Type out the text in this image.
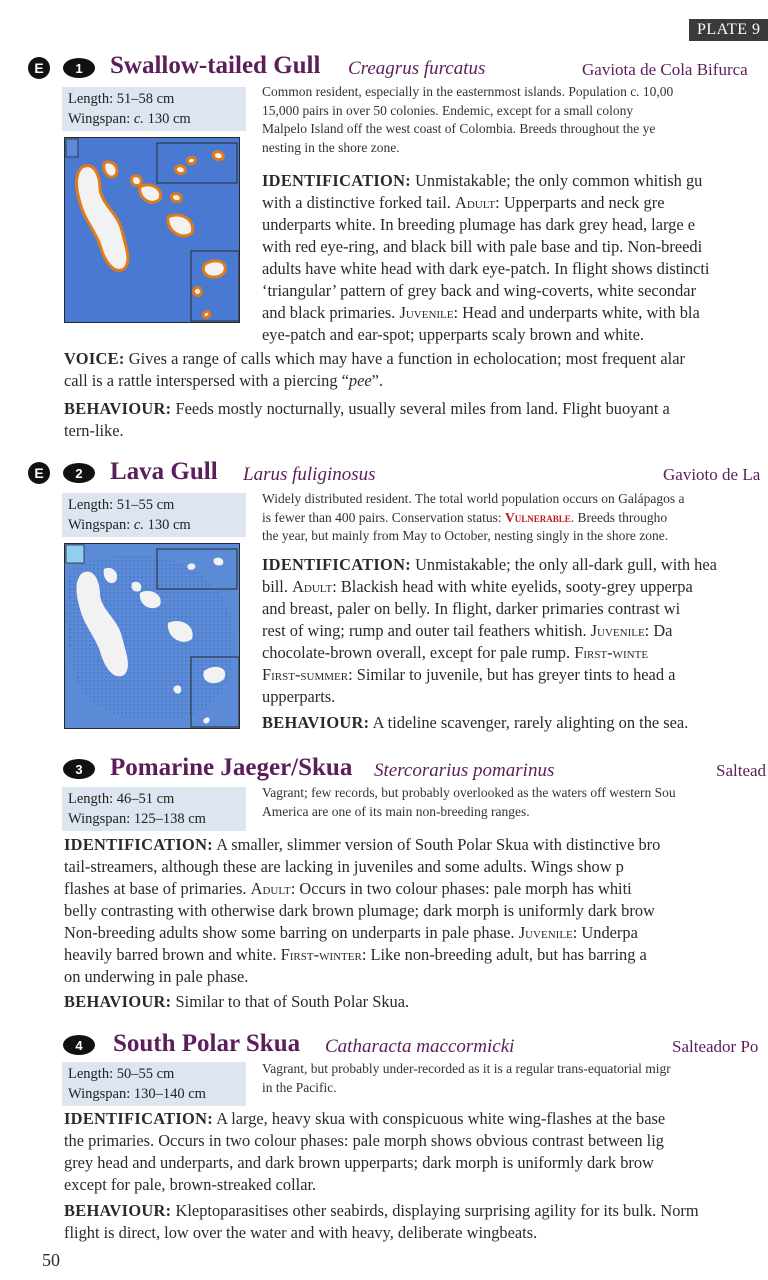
PLATE 9
E	1	Swallow-tailed Gull Creagrus furcatus	Gaviota de Cola Bifurca
Length: 51–58 cm
Wingspan: c. 130 cm
Common resident, especially in the easternmost islands. Population c. 10,00
15,000 pairs in over 50 colonies. Endemic, except for a small colony
Malpelo Island off the west coast of Colombia. Breeds throughout the ye
nesting in the shore zone.
IDENTIFICATION: Unmistakable; the only common whitish gu
with a distinctive forked tail. Adult: Upperparts and neck gre
underparts white. In breeding plumage has dark grey head, large e
with red eye-ring, and black bill with pale base and tip. Non-breedi
adults have white head with dark eye-patch. In flight shows distincti
‘triangular’ pattern of grey back and wing-coverts, white secondar
and black primaries. Juvenile: Head and underparts white, with bla
eye-patch and ear-spot; upperparts scaly brown and white.
VOICE: Gives a range of calls which may have a function in echolocation; most frequent alar
call is a rattle interspersed with a piercing “pee”.
BEHAVIOUR: Feeds mostly nocturnally, usually several miles from land. Flight buoyant a
tern-like.
E	2	Lava Gull Larus fuliginosus	Gavioto de La
Length: 51–55 cm
Wingspan: c. 130 cm
Widely distributed resident. The total world population occurs on Galápagos a
is fewer than 400 pairs. Conservation status: Vulnerable. Breeds througho
the year, but mainly from May to October, nesting singly in the shore zone.
IDENTIFICATION: Unmistakable; the only all-dark gull, with hea
bill. Adult: Blackish head with white eyelids, sooty-grey upperpa
and breast, paler on belly. In flight, darker primaries contrast wi
rest of wing; rump and outer tail feathers whitish. Juvenile: Da
chocolate-brown overall, except for pale rump. First-winte
First-summer: Similar to juvenile, but has greyer tints to head a
upperparts.
BEHAVIOUR: A tideline scavenger, rarely alighting on the sea.
3	Pomarine Jaeger/Skua Stercorarius pomarinus	Saltead
Length: 46–51 cm
Wingspan: 125–138 cm
Vagrant; few records, but probably overlooked as the waters off western Sou
America are one of its main non-breeding ranges.
IDENTIFICATION: A smaller, slimmer version of South Polar Skua with distinctive bro
tail-streamers, although these are lacking in juveniles and some adults. Wings show p
flashes at base of primaries. Adult: Occurs in two colour phases: pale morph has whiti
belly contrasting with otherwise dark brown plumage; dark morph is uniformly dark brow
Non-breeding adults show some barring on underparts in pale phase. Juvenile: Underpa
heavily barred brown and white. First-winter: Like non-breeding adult, but has barring a
on underwing in pale phase.
BEHAVIOUR: Similar to that of South Polar Skua.
4	South Polar Skua Catharacta maccormicki	Salteador Po
Length: 50–55 cm
Wingspan: 130–140 cm
Vagrant, but probably under-recorded as it is a regular trans-equatorial migr
in the Pacific.
IDENTIFICATION: A large, heavy skua with conspicuous white wing-flashes at the base
the primaries. Occurs in two colour phases: pale morph shows obvious contrast between lig
grey head and underparts, and dark brown upperparts; dark morph is uniformly dark brow
except for pale, brown-streaked collar.
BEHAVIOUR: Kleptoparasitises other seabirds, displaying surprising agility for its bulk. Norm
flight is direct, low over the water and with heavy, deliberate wingbeats.
50
